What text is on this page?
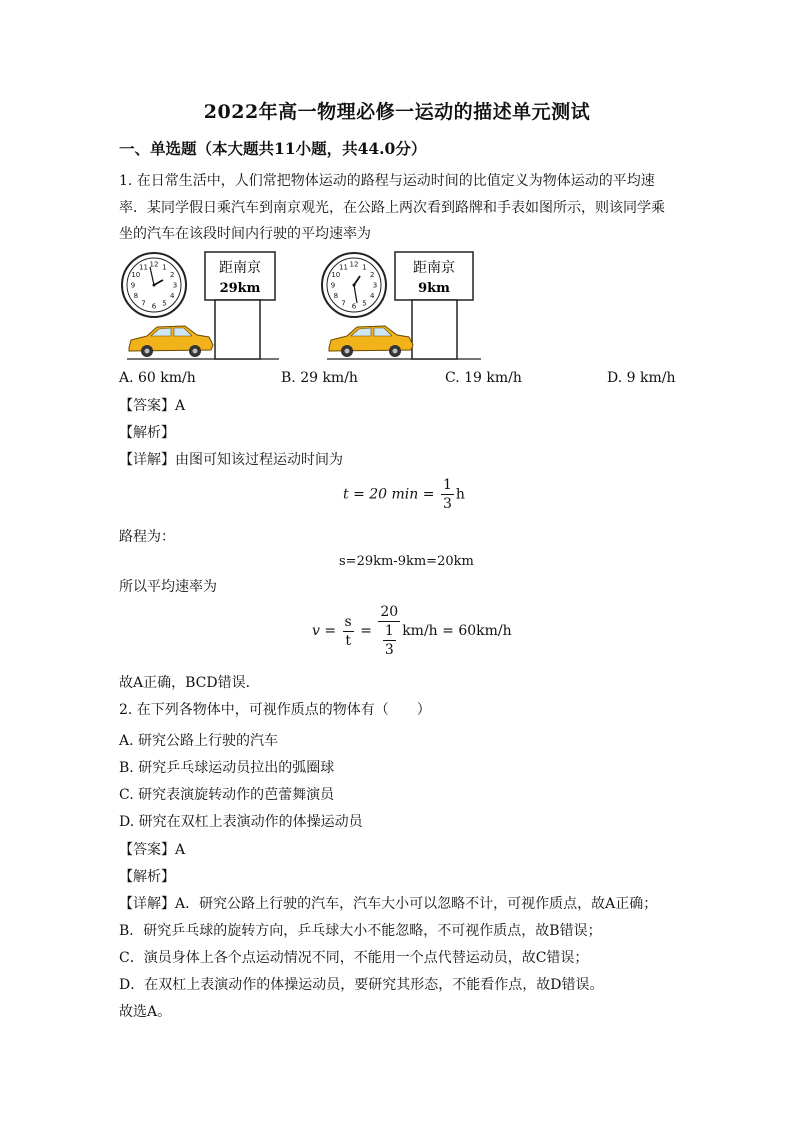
2022年高一物理必修一运动的描述单元测试
一、单选题（本大题共11小题，共44.0分）
1. 在日常生活中，人们常把物体运动的路程与运动时间的比值定义为物体运动的平均速
率．某同学假日乘汽车到南京观光，在公路上两次看到路牌和手表如图所示，则该同学乘
坐的汽车在该段时间内行驶的平均速率为
12 1
2
3
4
5
6
7
8
9
10
11	距南京
29km
12 1
2
3
4
5
6
7
8
9
10
11	距南京
9km
A. 60 km/h	B. 29 km/h	C. 19 km/h	D. 9 km/h
【答案】A
【解析】
【详解】由图可知该过程运动时间为
t = 20 $\min = \frac{1}{3}$ h
路程为：
s=29km-9km=20km
所以平均速率为
$v = \frac{s}{t} = \frac{20}{\frac{1}{3}} km/h = 60km/h$
故A正确，BCD错误．
2. 在下列各物体中，可视作质点的物体有（　　）
A. 研究公路上行驶的汽车
B. 研究乒乓球运动员拉出的弧圈球
C. 研究表演旋转动作的芭蕾舞演员
D. 研究在双杠上表演动作的体操运动员
【答案】A
【解析】
【详解】A．研究公路上行驶的汽车，汽车大小可以忽略不计，可视作质点，故A正确；
B．研究乒乓球的旋转方向，乒乓球大小不能忽略，不可视作质点，故B错误；
C．演员身体上各个点运动情况不同，不能用一个点代替运动员，故C错误；
D．在双杠上表演动作的体操运动员，要研究其形态，不能看作点，故D错误。
故选A。
